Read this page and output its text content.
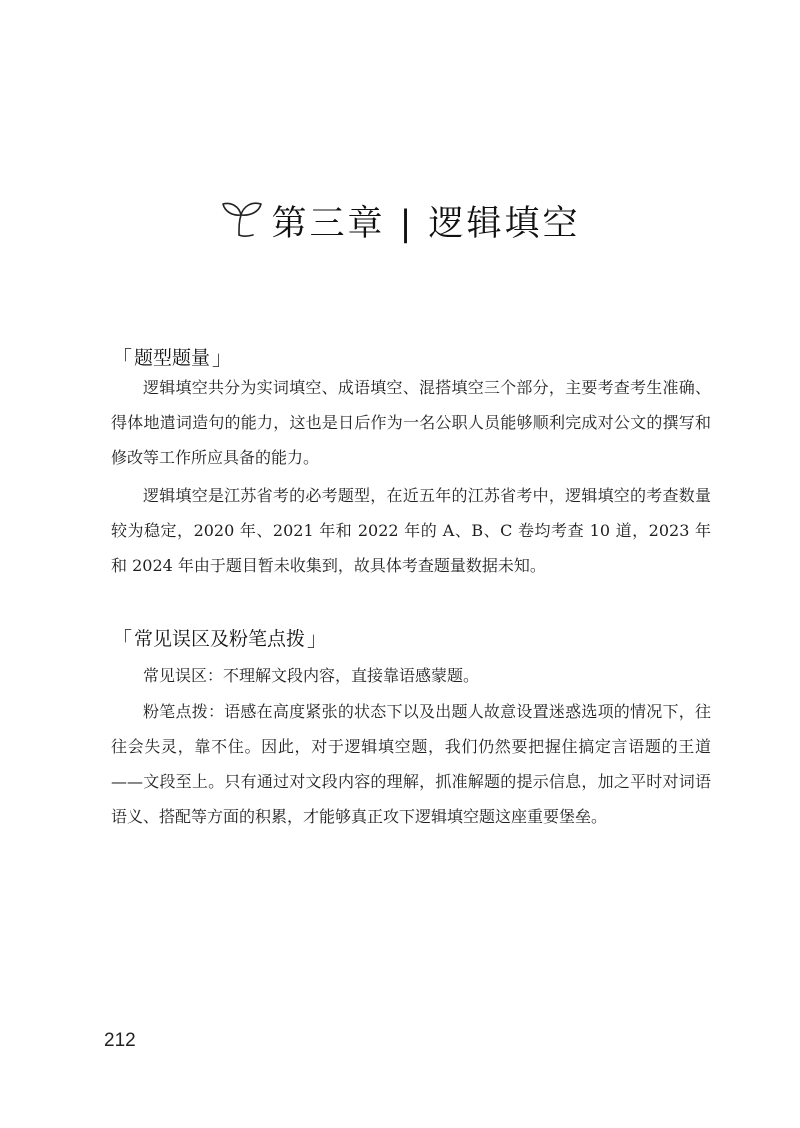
第三章 | 逻辑填空
「 题型题量 」

逻辑填空共分为实词填空、成语填空、混搭填空三个部分，主要考查考生准确、得体地遣词造句的能力，这也是日后作为一名公职人员能够顺利完成对公文的撰写和修改等工作所应具备的能力。

逻辑填空是江苏省考的必考题型，在近五年的江苏省考中，逻辑填空的考查数量较为稳定，2020 年、2021 年和 2022 年的 A、B、C 卷均考查 10 道，2023 年和 2024 年由于题目暂未收集到，故具体考查题量数据未知。

「 常见误区及粉笔点拨 」

常见误区：不理解文段内容，直接靠语感蒙题。

粉笔点拨：语感在高度紧张的状态下以及出题人故意设置迷惑选项的情况下，往往会失灵，靠不住。因此，对于逻辑填空题，我们仍然要把握住搞定言语题的王道——文段至上。只有通过对文段内容的理解，抓准解题的提示信息，加之平时对词语语义、搭配等方面的积累，才能够真正攻下逻辑填空题这座重要堡垒。

212
